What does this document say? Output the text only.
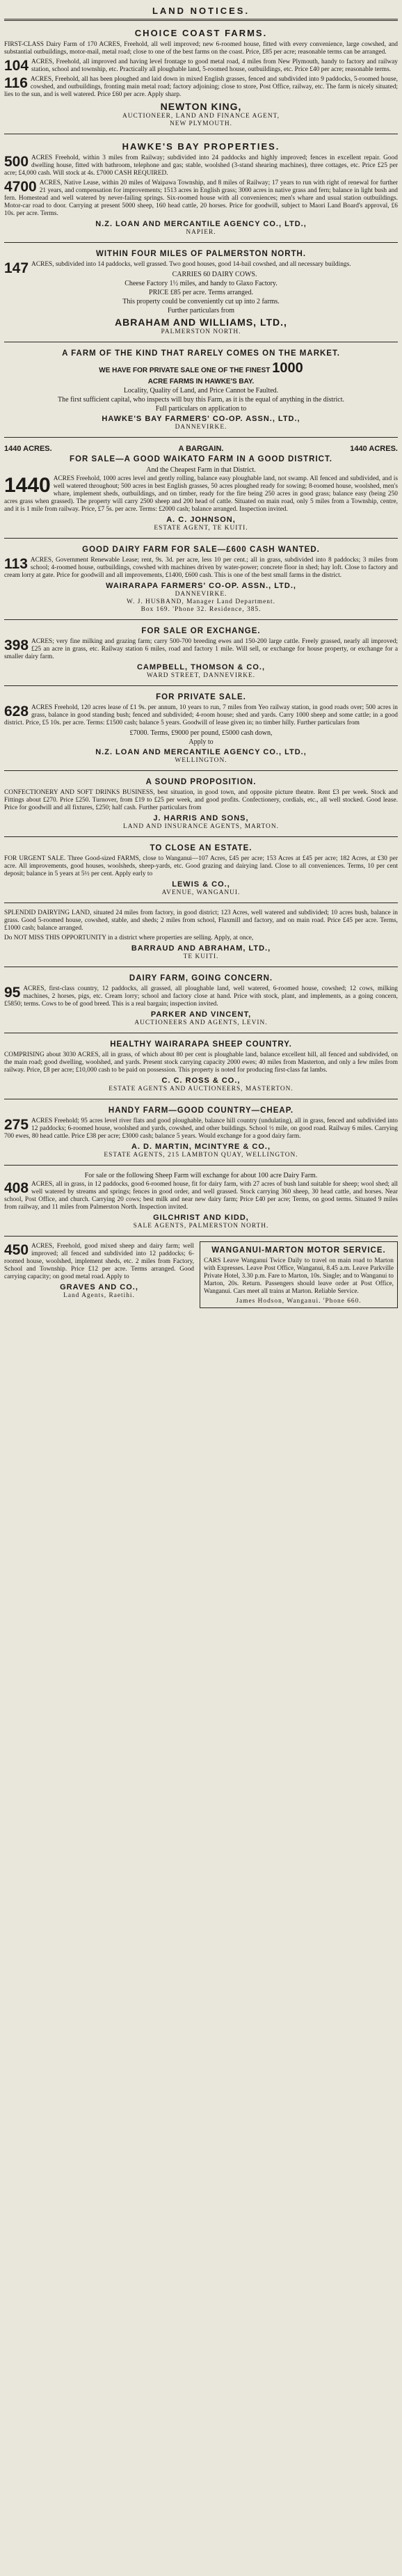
LAND NOTICES.
CHOICE COAST FARMS.

FIRST-CLASS Dairy Farm of 170 ACRES, Freehold, all well improved; new 6-roomed house, fitted with every convenience, large cowshed, and substantial outbuildings, motor-mail, metal road; close to one of the best farms on the coast. Price, £85 per acre; reasonable terms can be arranged.

104 ACRES, Freehold, all improved and having level frontage to good metal road, 4 miles from New Plymouth, handy to factory and railway station, school and township, etc. Practically all ploughable land, 5-roomed house, outbuildings, etc. Price £40 per acre; reasonable terms.

116 ACRES, Freehold, all has been ploughed and laid down in mixed English grasses, fenced and subdivided into 9 paddocks, 5-roomed house, cowshed, and outbuildings, fronting main metal road; factory adjoining; close to store, Post Office, railway, etc. The farm is nicely situated; lies to the sun, and is well watered. Price £60 per acre. Apply sharp.

NEWTON KING,
AUCTIONEER, LAND AND FINANCE AGENT,
NEW PLYMOUTH.
HAWKE'S BAY PROPERTIES.

500 ACRES Freehold, within 3 miles from Railway; subdivided into 24 paddocks and highly improved; fences in excellent repair. Good dwelling house, fitted with bathroom, telephone and gas; stable, woolshed (3-stand shearing machines), three cottages, etc. Price £25 per acre; £4,000 cash. Will stock at 4s. £7000 CASH REQUIRED.

4700 ACRES, Native Lease, within 20 miles of Waipawa Township, and 8 miles of Railway; 17 years to run with right of renewal for further 21 years, and compensation for improvements; 1513 acres in English grass; 3000 acres in native grass and fern; balance in light bush and fern. Homestead and well watered by never-failing springs. Six-roomed house with all conveniences; men's whare and usual station outbuildings. Motor-car road to door. Carrying at present 5000 sheep, 160 head cattle, 20 horses. Price for goodwill, subject to Maori Land Board's approval, £6 10s. per acre. Terms.

N.Z. LOAN AND MERCANTILE AGENCY CO., LTD.,
NAPIER.
WITHIN FOUR MILES OF PALMERSTON NORTH.

147 ACRES, subdivided into 14 paddocks, well grassed. Two good houses, good 14-bail cowshed, and all necessary buildings.

CARRIES 60 DAIRY COWS.
Cheese Factory 1½ miles, and handy to Glaxo Factory.
PRICE £85 per acre. Terms arranged.
This property could be conveniently cut up into 2 farms.
Further particulars from
ABRAHAM AND WILLIAMS, LTD.,
PALMERSTON NORTH.
A FARM OF THE KIND THAT RARELY COMES ON THE MARKET.
WE HAVE FOR PRIVATE SALE ONE OF THE FINEST 1000
ACRE FARMS IN HAWKE'S BAY.
Locality, Quality of Land, and Price Cannot be Faulted.
The first sufficient capital, who inspects will buy this Farm, as it is the equal of anything in the district.
Full particulars on application to
HAWKE'S BAY FARMERS' CO-OP. ASSN., LTD.,
DANNEVIRKE.
1440 ACRES.	A BARGAIN.	1440 ACRES.
FOR SALE—A GOOD WAIKATO FARM IN A GOOD DISTRICT.
And the Cheapest Farm in that District.

1440 ACRES Freehold, 1000 acres level and gently rolling, balance easy ploughable land, not swamp. All fenced and subdivided, and is well watered throughout; 500 acres in best English grasses, 50 acres ploughed ready for sowing; 8-roomed house, woolshed, men's whare, implement sheds, outbuildings, and on timber, ready for the fire being 250 acres in good grass; balance easy (being 250 acres grass when grassed). The property will carry 2500 sheep and 200 head of cattle. Situated on main road, only 5 miles from a Township, centre, and it is 1 mile from railway. Price, £7 5s. per acre. Terms: £2000 cash; balance arranged. Inspection invited.

A. C. JOHNSON,
ESTATE AGENT, TE KUITI.
GOOD DAIRY FARM FOR SALE—£600 CASH WANTED.

113 ACRES, Government Renewable Lease; rent, 9s. 3d. per acre, less 10 per cent.; all in grass, subdivided into 8 paddocks; 3 miles from school; 4-roomed house, outbuildings, cowshed with machines driven by water-power; concrete floor in shed; hay loft. Close to factory and cream lorry at gate. Price for goodwill and all improvements, £1400, £600 cash. This is one of the best small farms in the district.

WAIRARAPA FARMERS' CO-OP. ASSN., LTD.,
DANNEVIRKE.
W. J. HUSBAND, Manager Land Department.
Box 169. 'Phone 32. Residence, 385.
FOR SALE OR EXCHANGE.

398 ACRES; very fine milking and grazing farm; carry 500-700 breeding ewes and 150-200 large cattle. Freely grassed, nearly all improved; £25 an acre in grass, etc. Railway station 6 miles, road and factory 1 mile. Will sell, or exchange for house property, or exchange for a smaller dairy farm.

CAMPBELL, THOMSON & CO.,
WARD STREET, DANNEVIRKE.
FOR PRIVATE SALE.

628 ACRES Freehold, 120 acres lease of £1 9s. per annum, 10 years to run, 7 miles from Yeo railway station, in good roads over; 500 acres in grass, balance in good standing bush; fenced and subdivided; 4-room house; shed and yards. Carry 1000 sheep and some cattle; in a good district. Price, £5 10s. per acre. Terms: £1500 cash; balance 5 years. Goodwill of lease given in; no timber hilly. Further particulars from

£7000. Terms, £9000 per pound, £5000 cash down,
Apply to
N.Z. LOAN AND MERCANTILE AGENCY CO., LTD.,
WELLINGTON.
A SOUND PROPOSITION.

CONFECTIONERY AND SOFT DRINKS BUSINESS, best situation, in good town, and opposite picture theatre. Rent £3 per week. Stock and Fittings about £270. Price £250. Turnover, from £19 to £25 per week, and good profits. Confectionery, cordials, etc., all well stocked. Good lease. Price for goodwill and all fixtures, £250; half cash. Further particulars from

J. HARRIS AND SONS,
LAND AND INSURANCE AGENTS, MARTON.
TO CLOSE AN ESTATE.

FOR URGENT SALE. Three Good-sized FARMS, close to Wanganui—107 Acres, £45 per acre; 153 Acres at £45 per acre; 182 Acres, at £30 per acre. All improvements, good houses, woolsheds, sheep-yards, etc. Good grazing and dairying land. Close to all conveniences. Terms, 10 per cent deposit; balance in 5 years at 5½ per cent. Apply early to

LEWIS & CO.,
AVENUE, WANGANUI.

SPLENDID DAIRYING LAND, situated 24 miles from factory, in good district; 123 Acres, well watered and subdivided; 10 acres bush, balance in grass. Good 5-roomed house, cowshed, stable, and sheds; 2 miles from school, Flaxmill and factory, and on main road. Price £45 per acre. Terms, £1000 cash; balance arranged.

Do NOT MISS THIS OPPORTUNITY in a district where properties are selling. Apply, at once,

BARRAUD AND ABRAHAM, LTD.,
TE KUITI.
DAIRY FARM, GOING CONCERN.

95 ACRES, first-class country, 12 paddocks, all grassed, all ploughable land, well watered, 6-roomed house, cowshed; 12 cows, milking machines, 2 horses, pigs, etc. Cream lorry; school and factory close at hand. Price with stock, plant, and implements, as a going concern, £5850; terms. Cows to be of good breed. This is a real bargain; inspection invited.

PARKER AND VINCENT,
AUCTIONEERS AND AGENTS, LEVIN.
HEALTHY WAIRARAPA SHEEP COUNTRY.

COMPRISING about 3030 ACRES, all in grass, of which about 80 per cent is ploughable land, balance excellent hill, all fenced and subdivided, on the main road; good dwelling, woolshed, and yards. Present stock carrying capacity 2000 ewes; 40 miles from Masterton, and only a few miles from railway. Price, £8 per acre; £10,000 cash to be paid on possession. This property is noted for producing first-class fat lambs.

C. C. ROSS & CO.,
ESTATE AGENTS AND AUCTIONEERS, MASTERTON.
HANDY FARM—GOOD COUNTRY—CHEAP.

275 ACRES Freehold; 95 acres level river flats and good ploughable, balance hill country (undulating), all in grass, fenced and subdivided into 12 paddocks; 6-roomed house, woolshed and yards, cowshed, and other buildings. School ½ mile, on good road. Railway 6 miles. Carrying 700 ewes, 80 head cattle. Price £38 per acre; £3000 cash; balance 5 years. Would exchange for a good dairy farm.

A. D. MARTIN, MCINTYRE & CO.,
ESTATE AGENTS, 215 LAMBTON QUAY, WELLINGTON.
For sale or the following Sheep Farm will exchange for about 100 acre Dairy Farm.

408 ACRES, all in grass, in 12 paddocks, good 6-roomed house, fit for dairy farm, with 27 acres of bush land suitable for sheep; wool shed; all well watered by streams and springs; fences in good order, and well grassed. Stock carrying 360 sheep, 30 head cattle, and horses. Near school, Post Office, and church. Carrying 20 cows; best milk and near new dairy farm; Price £40 per acre; Terms, on good terms. Situated 9 miles from railway, and 11 miles from Palmerston North. Inspection invited.

GILCHRIST AND KIDD,
SALE AGENTS, PALMERSTON NORTH.

450 ACRES, Freehold, good mixed sheep and dairy farm; well improved; all fenced and subdivided into 12 paddocks; 6-roomed house, woolshed, implement sheds, etc. 2 miles from Factory, School and Township. Price £12 per acre. Terms arranged. Good carrying capacity; on good metal road. Apply to

GRAVES AND CO.,
Land Agents, Raetihi.
WANGANUI-MARTON MOTOR SERVICE.

CARS Leave Wanganui Twice Daily to travel on main road to Marton with Expresses. Leave Post Office, Wanganui, 8.45 a.m. Leave Parkville Private Hotel, 3.30 p.m. Fare to Marton, 10s. Single; and to Wanganui to Marton, 20s. Return. Passengers should leave order at Post Office, Wanganui. Cars meet all trains at Marton. Reliable Service.

James Hodson, Wanganui. 'Phone 660.
